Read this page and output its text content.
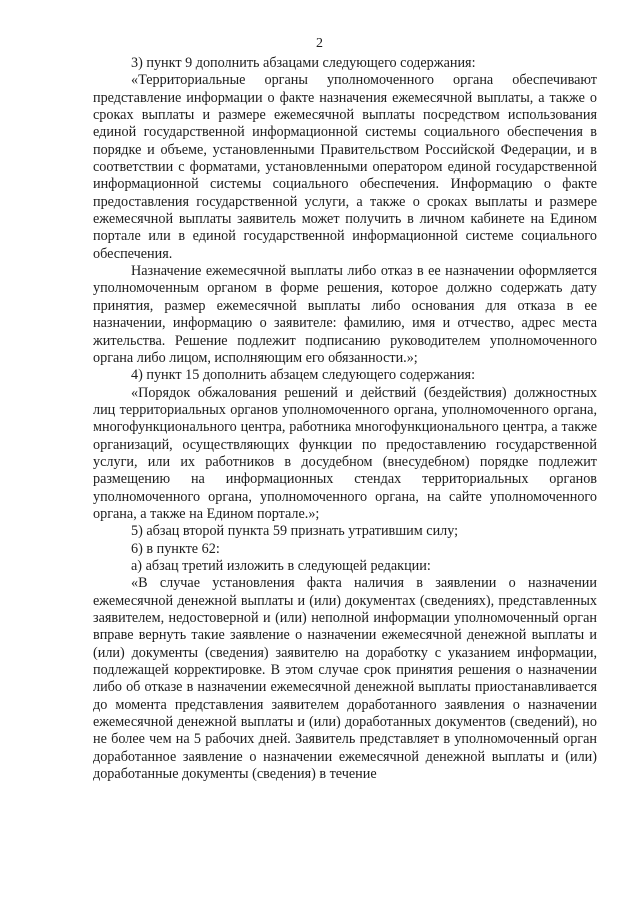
2

3) пункт 9 дополнить абзацами следующего содержания:

«Территориальные органы уполномоченного органа обеспечивают представление информации о факте назначения ежемесячной выплаты, а также о сроках выплаты и размере ежемесячной выплаты посредством использования единой государственной информационной системы социального обеспечения в порядке и объеме, установленными Правительством Российской Федерации, и в соответствии с форматами, установленными оператором единой государственной информационной системы социального обеспечения. Информацию о факте предоставления государственной услуги, а также о сроках выплаты и размере ежемесячной выплаты заявитель может получить в личном кабинете на Едином портале или в единой государственной информационной системе социального обеспечения.

Назначение ежемесячной выплаты либо отказ в ее назначении оформляется уполномоченным органом в форме решения, которое должно содержать дату принятия, размер ежемесячной выплаты либо основания для отказа в ее назначении, информацию о заявителе: фамилию, имя и отчество, адрес места жительства. Решение подлежит подписанию руководителем уполномоченного органа либо лицом, исполняющим его обязанности.»;

4) пункт 15 дополнить абзацем следующего содержания:

«Порядок обжалования решений и действий (бездействия) должностных лиц территориальных органов уполномоченного органа, уполномоченного органа, многофункционального центра, работника многофункционального центра, а также организаций, осуществляющих функции по предоставлению государственной услуги, или их работников в досудебном (внесудебном) порядке подлежит размещению на информационных стендах территориальных органов уполномоченного органа, уполномоченного органа, на сайте уполномоченного органа, а также на Едином портале.»;

5) абзац второй пункта 59 признать утратившим силу;

6) в пункте 62:

а) абзац третий изложить в следующей редакции:

«В случае установления факта наличия в заявлении о назначении ежемесячной денежной выплаты и (или) документах (сведениях), представленных заявителем, недостоверной и (или) неполной информации уполномоченный орган вправе вернуть такие заявление о назначении ежемесячной денежной выплаты и (или) документы (сведения) заявителю на доработку с указанием информации, подлежащей корректировке. В этом случае срок принятия решения о назначении либо об отказе в назначении ежемесячной денежной выплаты приостанавливается до момента представления заявителем доработанного заявления о назначении ежемесячной денежной выплаты и (или) доработанных документов (сведений), но не более чем на 5 рабочих дней. Заявитель представляет в уполномоченный орган доработанное заявление о назначении ежемесячной денежной выплаты и (или) доработанные документы (сведения) в течение
